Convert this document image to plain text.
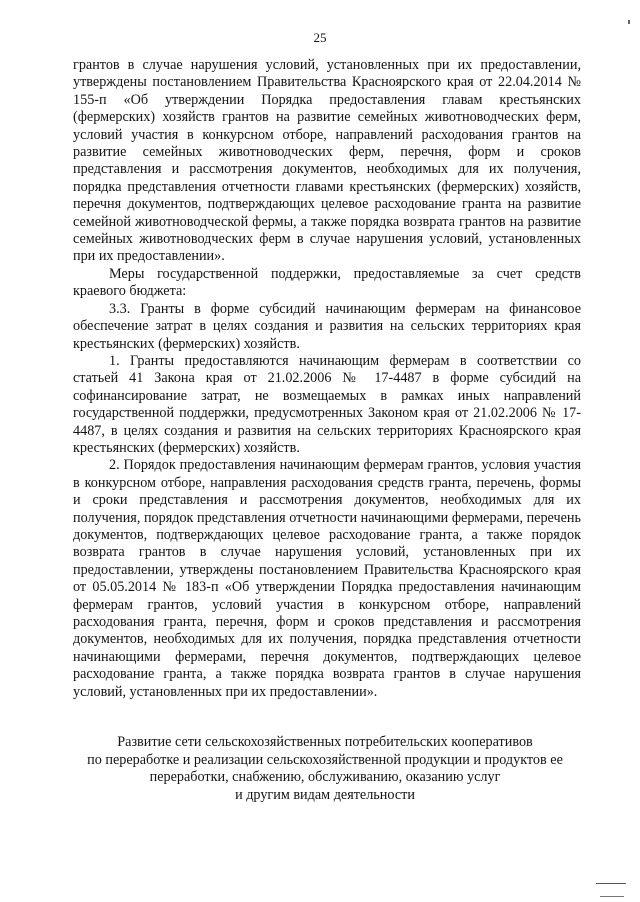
25

грантов в случае нарушения условий, установленных при их предоставлении, утверждены постановлением Правительства Красноярского края от 22.04.2014 № 155-п «Об утверждении Порядка предоставления главам крестьянских (фермерских) хозяйств грантов на развитие семейных животноводческих ферм, условий участия в конкурсном отборе, направлений расходования грантов на развитие семейных животноводческих ферм, перечня, форм и сроков представления и рассмотрения документов, необходимых для их получения, порядка представления отчетности главами крестьянских (фермерских) хозяйств, перечня документов, подтверждающих целевое расходование гранта на развитие семейной животноводческой фермы, а также порядка возврата грантов на развитие семейных животноводческих ферм в случае нарушения условий, установленных при их предоставлении».

Меры государственной поддержки, предоставляемые за счет средств краевого бюджета:

3.3. Гранты в форме субсидий начинающим фермерам на финансовое обеспечение затрат в целях создания и развития на сельских территориях края крестьянских (фермерских) хозяйств.

1. Гранты предоставляются начинающим фермерам в соответствии со статьей 41 Закона края от 21.02.2006 № 17-4487 в форме субсидий на софинансирование затрат, не возмещаемых в рамках иных направлений государственной поддержки, предусмотренных Законом края от 21.02.2006 № 17-4487, в целях создания и развития на сельских территориях Красноярского края крестьянских (фермерских) хозяйств.

2. Порядок предоставления начинающим фермерам грантов, условия участия в конкурсном отборе, направления расходования средств гранта, перечень, формы и сроки представления и рассмотрения документов, необходимых для их получения, порядок представления отчетности начинающими фермерами, перечень документов, подтверждающих целевое расходование гранта, а также порядок возврата грантов в случае нарушения условий, установленных при их предоставлении, утверждены постановлением Правительства Красноярского края от 05.05.2014 № 183-п «Об утверждении Порядка предоставления начинающим фермерам грантов, условий участия в конкурсном отборе, направлений расходования гранта, перечня, форм и сроков представления и рассмотрения документов, необходимых для их получения, порядка представления отчетности начинающими фермерами, перечня документов, подтверждающих целевое расходование гранта, а также порядка возврата грантов в случае нарушения условий, установленных при их предоставлении».

Развитие сети сельскохозяйственных потребительских кооперативов
по переработке и реализации сельскохозяйственной продукции и продуктов ее
переработки, снабжению, обслуживанию, оказанию услуг
и другим видам деятельности
